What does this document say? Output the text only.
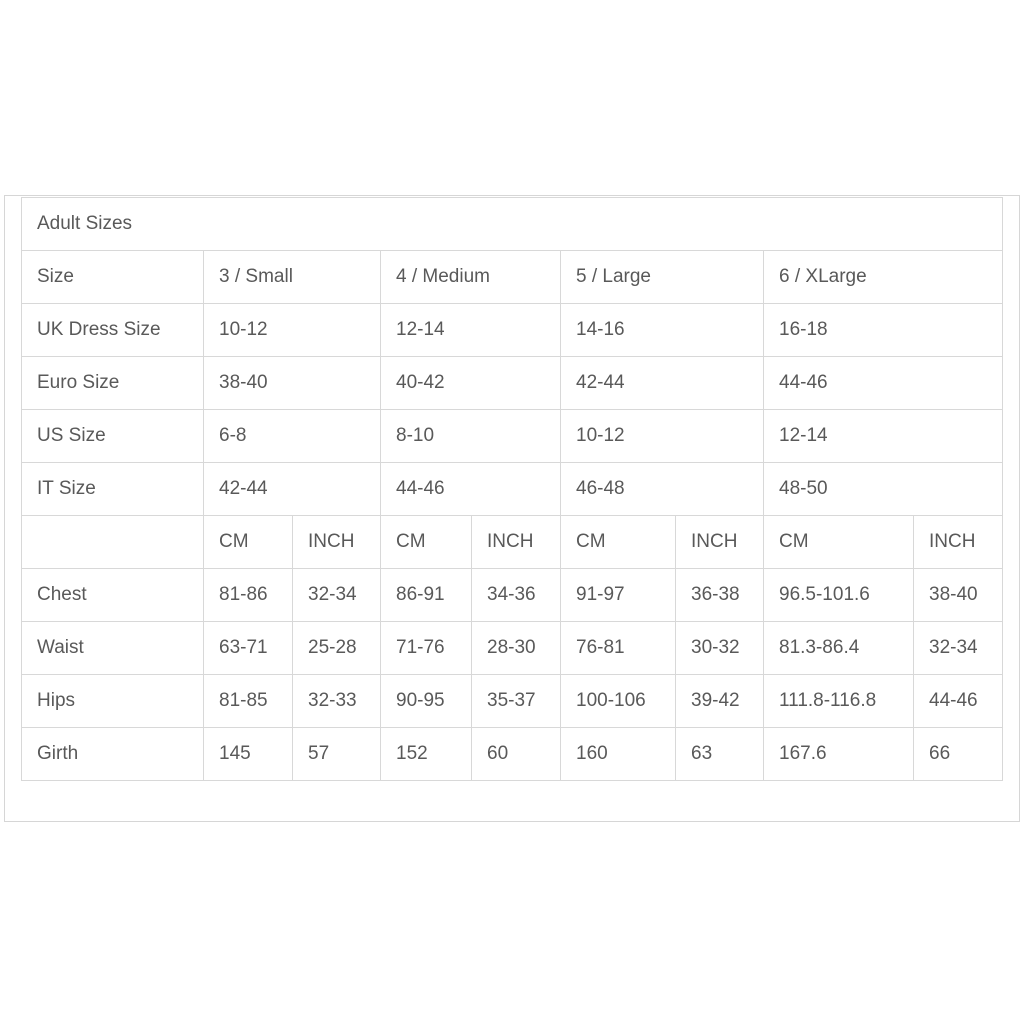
Adult Sizes								
Size	3 / Small		4 / Medium		5 / Large		6 / XLarge	
UK Dress Size	10-12		12-14		14-16		16-18	
Euro Size	38-40		40-42		42-44		44-46	
US Size	6-8		8-10		10-12		12-14	
IT Size	42-44		44-46		46-48		48-50	
	CM	INCH	CM	INCH	CM	INCH	CM	INCH
Chest	81-86	32-34	86-91	34-36	91-97	36-38	96.5-101.6	38-40
Waist	63-71	25-28	71-76	28-30	76-81	30-32	81.3-86.4	32-34
Hips	81-85	32-33	90-95	35-37	100-106	39-42	111.8-116.8	44-46
Girth	145	57	152	60	160	63	167.6	66
